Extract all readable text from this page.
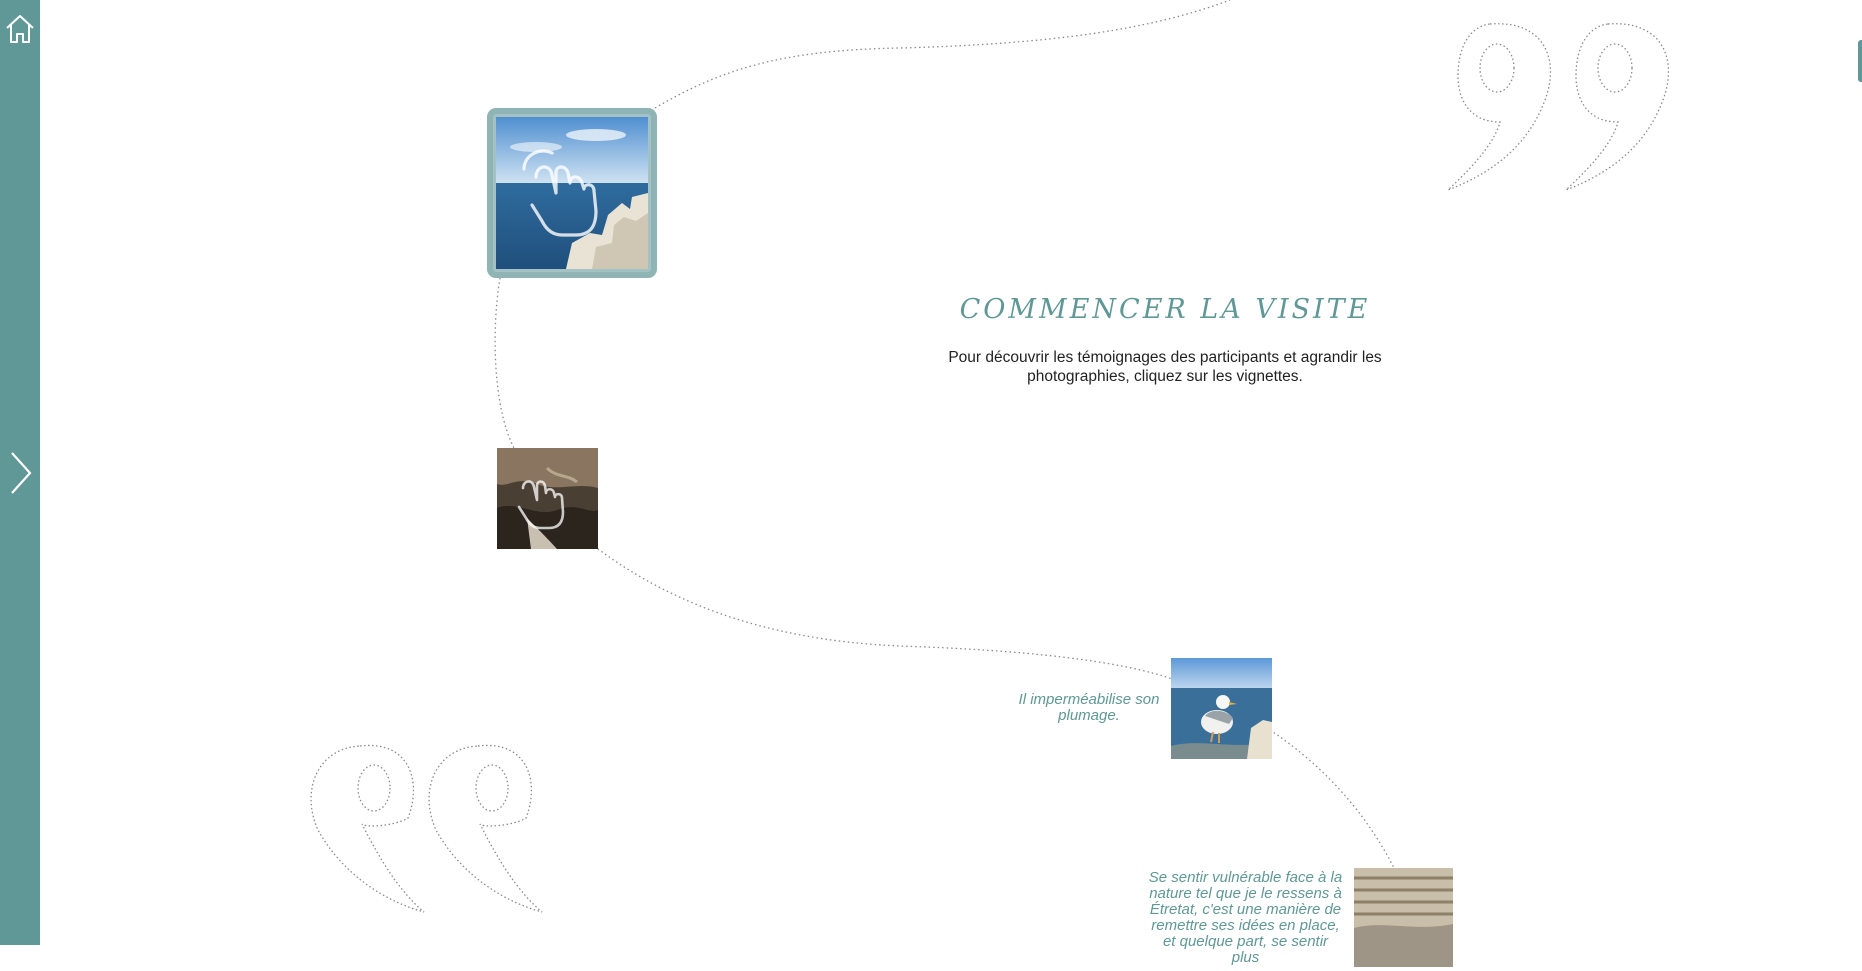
COMMENCER LA VISITE
Pour découvrir les témoignages des participants et agrandir les photographies, cliquez sur les vignettes.
Il imperméabilise son plumage.
Se sentir vulnérable face à la nature tel que je le ressens à Étretat, c'est une manière de remettre ses idées en place, et quelque part, se sentir plus
